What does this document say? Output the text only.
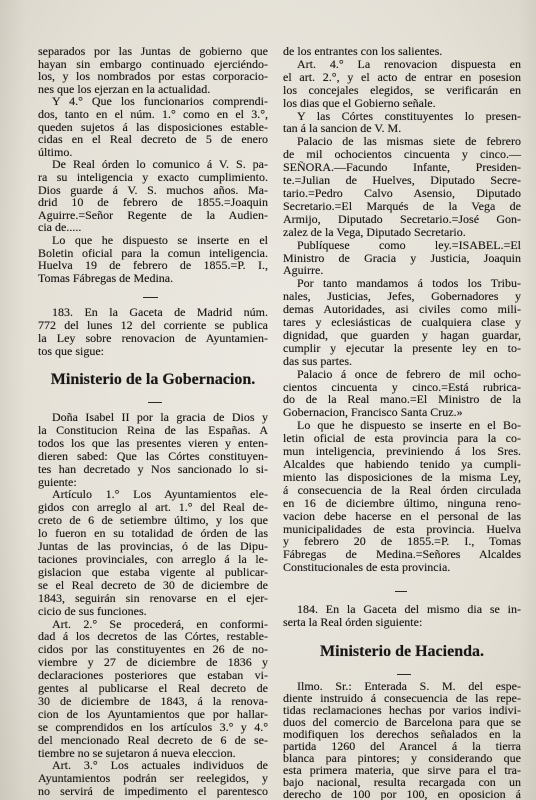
separados por las Juntas de gobierno que
hayan sin embargo continuado ejerciéndo-
los, y los nombrados por estas corporacio-
nes que los ejerzan en la actualidad.
Y 4.° Que los funcionarios comprendi-
dos, tanto en el núm. 1.° como en el 3.°,
queden sujetos á las disposiciones estable-
cidas en el Real decreto de 5 de enero
último.
De Real órden lo comunico á V. S. pa-
ra su inteligencia y exacto cumplimiento.
Dios guarde á V. S. muchos años. Ma-
drid 10 de febrero de 1855.=Joaquin
Aguirre.=Señor Regente de la Audien-
cia de.....
Lo que he dispuesto se inserte en el
Boletin oficial para la comun inteligencia.
Huelva 19 de febrero de 1855.=P. I.,
Tomas Fábregas de Medina.
183. En la Gaceta de Madrid núm.
772 del lunes 12 del corriente se publica
la Ley sobre renovacion de Ayuntamien-
tos que sigue:
Ministerio de la Gobernacion.
Doña Isabel II por la gracia de Dios y
la Constitucion Reina de las Españas. A
todos los que las presentes vieren y enten-
dieren sabed: Que las Córtes constituyen-
tes han decretado y Nos sancionado lo si-
guiente:
Artículo 1.° Los Ayuntamientos ele-
gidos con arreglo al art. 1.° del Real de-
creto de 6 de setiembre último, y los que
lo fueron en su totalidad de órden de las
Juntas de las provincias, ó de las Dipu-
taciones provinciales, con arreglo á la le-
gislacion que estaba vigente al publicar-
se el Real decreto de 30 de diciembre de
1843, seguirán sin renovarse en el ejer-
cicio de sus funciones.
Art. 2.° Se procederá, en conformi-
dad á los decretos de las Córtes, restable-
cidos por las constituyentes en 26 de no-
viembre y 27 de diciembre de 1836 y
declaraciones posteriores que estaban vi-
gentes al publicarse el Real decreto de
30 de diciembre de 1843, á la renova-
cion de los Ayuntamientos que por hallar-
se comprendidos en los artículos 3.° y 4.°
del mencionado Real decreto de 6 de se-
tiembre no se sujetaron á nueva eleccion.
Art. 3.° Los actuales individuos de
Ayuntamientos podrán ser reelegidos, y
no servirá de impedimento el parentesco
de los entrantes con los salientes.
Art. 4.° La renovacion dispuesta en
el art. 2.°, y el acto de entrar en posesion
los concejales elegidos, se verificarán en
los dias que el Gobierno señale.
Y las Córtes constituyentes lo presen-
tan á la sancion de V. M.
Palacio de las mismas siete de febrero
de mil ochocientos cincuenta y cinco.—
SEÑORA.—Facundo Infante, Presiden-
te.=Julian de Huelves, Diputado Secre-
tario.=Pedro Calvo Asensio, Diputado
Secretario.=El Marqués de la Vega de
Armijo, Diputado Secretario.=José Gon-
zalez de la Vega, Diputado Secretario.
Publíquese como ley.=ISABEL.=El
Ministro de Gracia y Justicia, Joaquin
Aguirre.
Por tanto mandamos á todos los Tribu-
nales, Justicias, Jefes, Gobernadores y
demas Autoridades, asi civiles como mili-
tares y eclesiásticas de cualquiera clase y
dignidad, que guarden y hagan guardar,
cumplir y ejecutar la presente ley en to-
das sus partes.
Palacio á once de febrero de mil ocho-
cientos cincuenta y cinco.=Está rubrica-
do de la Real mano.=El Ministro de la
Gobernacion, Francisco Santa Cruz.»
Lo que he dispuesto se inserte en el Bo-
letin oficial de esta provincia para la co-
mun inteligencia, previniendo á los Sres.
Alcaldes que habiendo tenido ya cumpli-
miento las disposiciones de la misma Ley,
á consecuencia de la Real órden circulada
en 16 de diciembre último, ninguna reno-
vacion debe hacerse en el personal de las
municipalidades de esta provincia. Huelva
y febrero 20 de 1855.=P. I., Tomas
Fábregas de Medina.=Señores Alcaldes
Constitucionales de esta provincia.
184. En la Gaceta del mismo dia se in-
serta la Real órden siguiente:
Ministerio de Hacienda.
Ilmo. Sr.: Enterada S. M. del espe-
diente instruido á consecuencia de las repe-
tidas reclamaciones hechas por varios indivi-
duos del comercio de Barcelona para que se
modifiquen los derechos señalados en la
partida 1260 del Arancel á la tierra
blanca para pintores; y considerando que
esta primera materia, que sirve para el tra-
bajo nacional, resulta recargada con un
derecho de 100 por 100, en oposicion á
